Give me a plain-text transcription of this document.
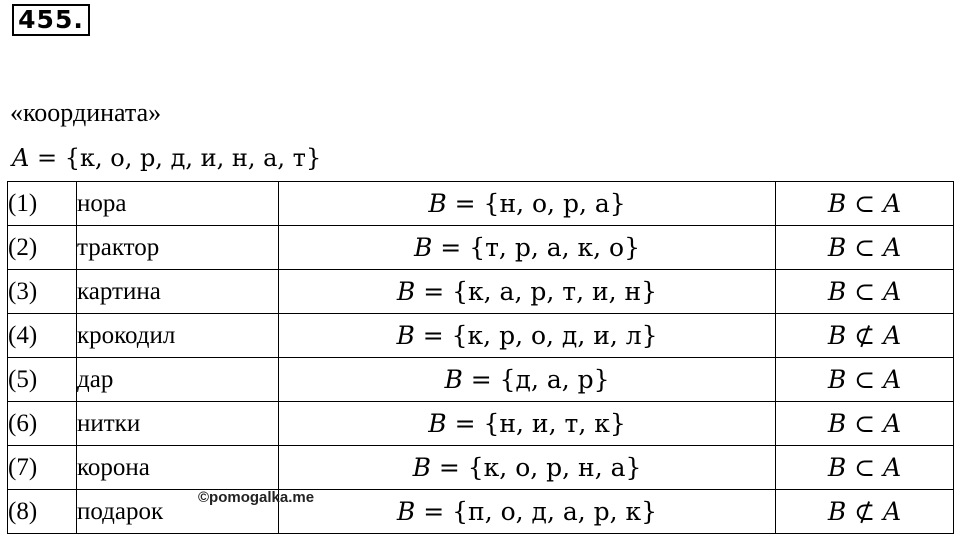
455.
«координата»
A = {к, о, р, д, и, н, а, т}
(1)	нора	B = {н, о, р, а}	B ⊂ A
(2)	трактор	B = {т, р, а, к, о}	B ⊂ A
(3)	картина	B = {к, а, р, т, и, н}	B ⊂ A
(4)	крокодил	B = {к, р, о, д, и, л}	B ⊄ A
(5)	дар	B = {д, а, р}	B ⊂ A
(6)	нитки	B = {н, и, т, к}	B ⊂ A
(7)	корона	B = {к, о, р, н, а}	B ⊂ A
(8)	подарок	B = {п, о, д, а, р, к}	B ⊄ A
©pomogalka.me
